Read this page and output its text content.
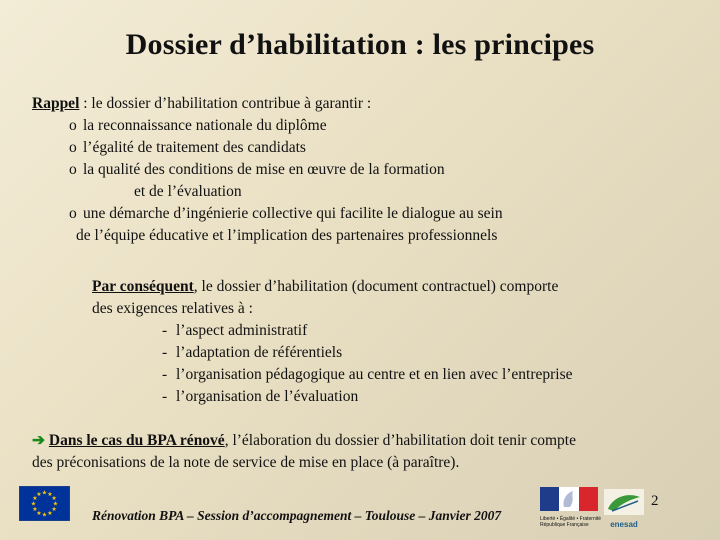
Dossier d’habilitation : les principes
Rappel : le dossier d’habilitation contribue à garantir :
o la reconnaissance nationale du diplôme
o l’égalité de traitement des candidats
o la qualité des conditions de mise en œuvre de la formation
et de l’évaluation
o une démarche d’ingénierie collective qui facilite le dialogue au sein
de l’équipe éducative et l’implication des partenaires professionnels
Par conséquent, le dossier d’habilitation (document contractuel) comporte
des exigences relatives à :
- l’aspect administratif
- l’adaptation de référentiels
- l’organisation pédagogique au centre et en lien avec l’entreprise
- l’organisation de l’évaluation
➔ Dans le cas du BPA rénové, l’élaboration du dossier d’habilitation doit tenir compte
des préconisations de la note de service de mise en place (à paraître).
★ ★
★
★
★
★
★
★
★
★
★
★
Liberté • Égalité • Fraternité
République Française	enesad
2
Rénovation BPA – Session d’accompagnement – Toulouse – Janvier 2007
